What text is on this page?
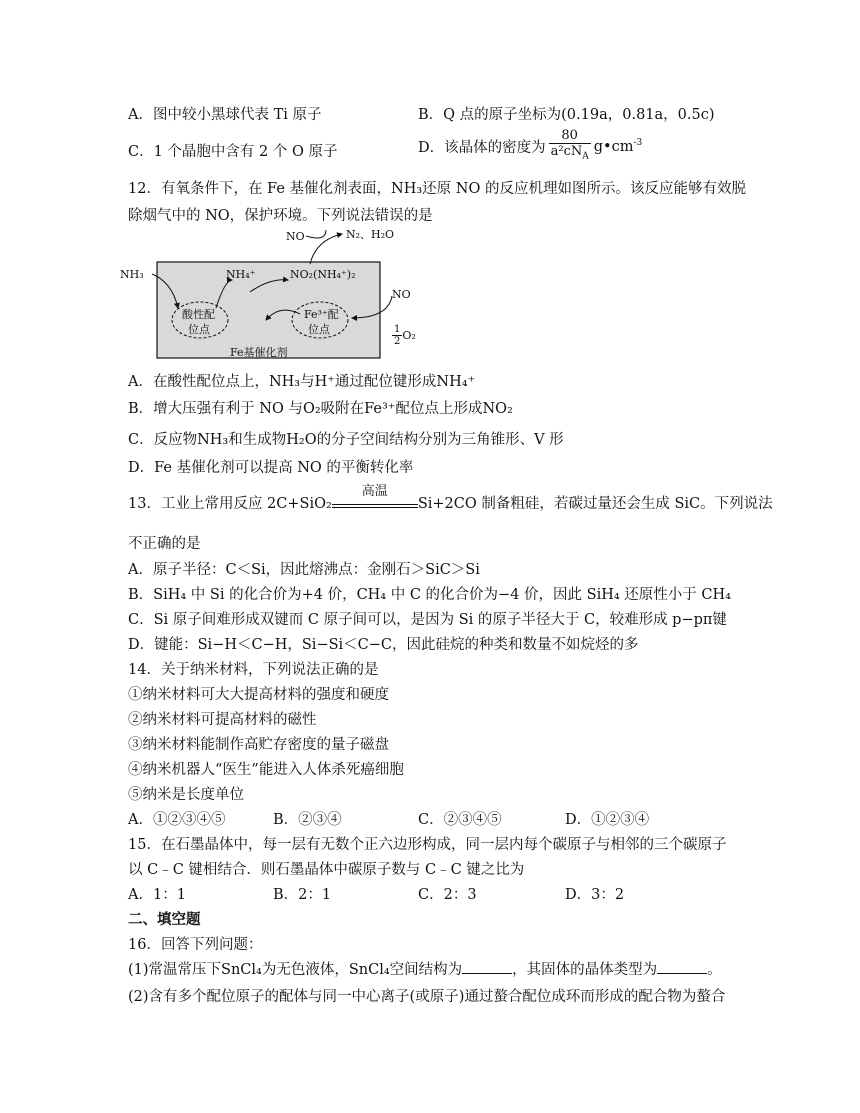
A．图中较小黑球代表 Ti 原子	B．Q 点的原子坐标为(0.19a，0.81a，0.5c)
C．1 个晶胞中含有 2 个 O 原子	D．该晶体的密度为 $\frac{80}{a^2cN_A}$ $g•cm^{-3}$
12．有氧条件下，在 Fe 基催化剂表面，NH₃还原 NO 的反应机理如图所示。该反应能够有效脱
除烟气中的 NO，保护环境。下列说法错误的是
NH₃	NH₄⁺	NO₂(NH₄⁺)₂
NO	N₂、H₂O
酸性配
位点
Fe³⁺配
位点
NO
$\frac{1}{2} O_2$
Fe基催化剂
A．在酸性配位点上，NH₃与H⁺通过配位键形成NH₄⁺
B．增大压强有利于 NO 与O₂吸附在Fe³⁺配位点上形成NO₂
C．反应物NH₃和生成物H₂O的分子空间结构分别为三角锥形、V 形
D．Fe 基催化剂可以提高 NO 的平衡转化率
13．工业上常用反应 2C+SiO₂
高温
Si+2CO 制备粗硅，若碳过量还会生成 SiC。下列说法
不正确的是
A．原子半径：C＜Si，因此熔沸点：金刚石＞SiC＞Si
B．SiH₄ 中 Si 的化合价为+4 价，CH₄ 中 C 的化合价为−4 价，因此 SiH₄ 还原性小于 CH₄
C．Si 原子间难形成双键而 C 原子间可以，是因为 Si 的原子半径大于 C，较难形成 p−pπ键
D．键能：Si−H＜C−H，Si−Si＜C−C，因此硅烷的种类和数量不如烷烃的多
14．关于纳米材料，下列说法正确的是
①纳米材料可大大提高材料的强度和硬度
②纳米材料可提高材料的磁性
③纳米材料能制作高贮存密度的量子磁盘
④纳米机器人“医生”能进入人体杀死癌细胞
⑤纳米是长度单位
A．①②③④⑤	B．②③④	C．②③④⑤	D．①②③④
15．在石墨晶体中，每一层有无数个正六边形构成，同一层内每个碳原子与相邻的三个碳原子
以 C﹣C 键相结合．则石墨晶体中碳原子数与 C﹣C 键之比为
A．1：1	B．2：1	C．2：3	D．3：2
二、填空题
16．回答下列问题：
(1)常温常压下SnCl₄为无色液体，SnCl₄空间结构为	，其固体的晶体类型为	。
(2)含有多个配位原子的配体与同一中心离子(或原子)通过螯合配位成环而形成的配合物为螯合
